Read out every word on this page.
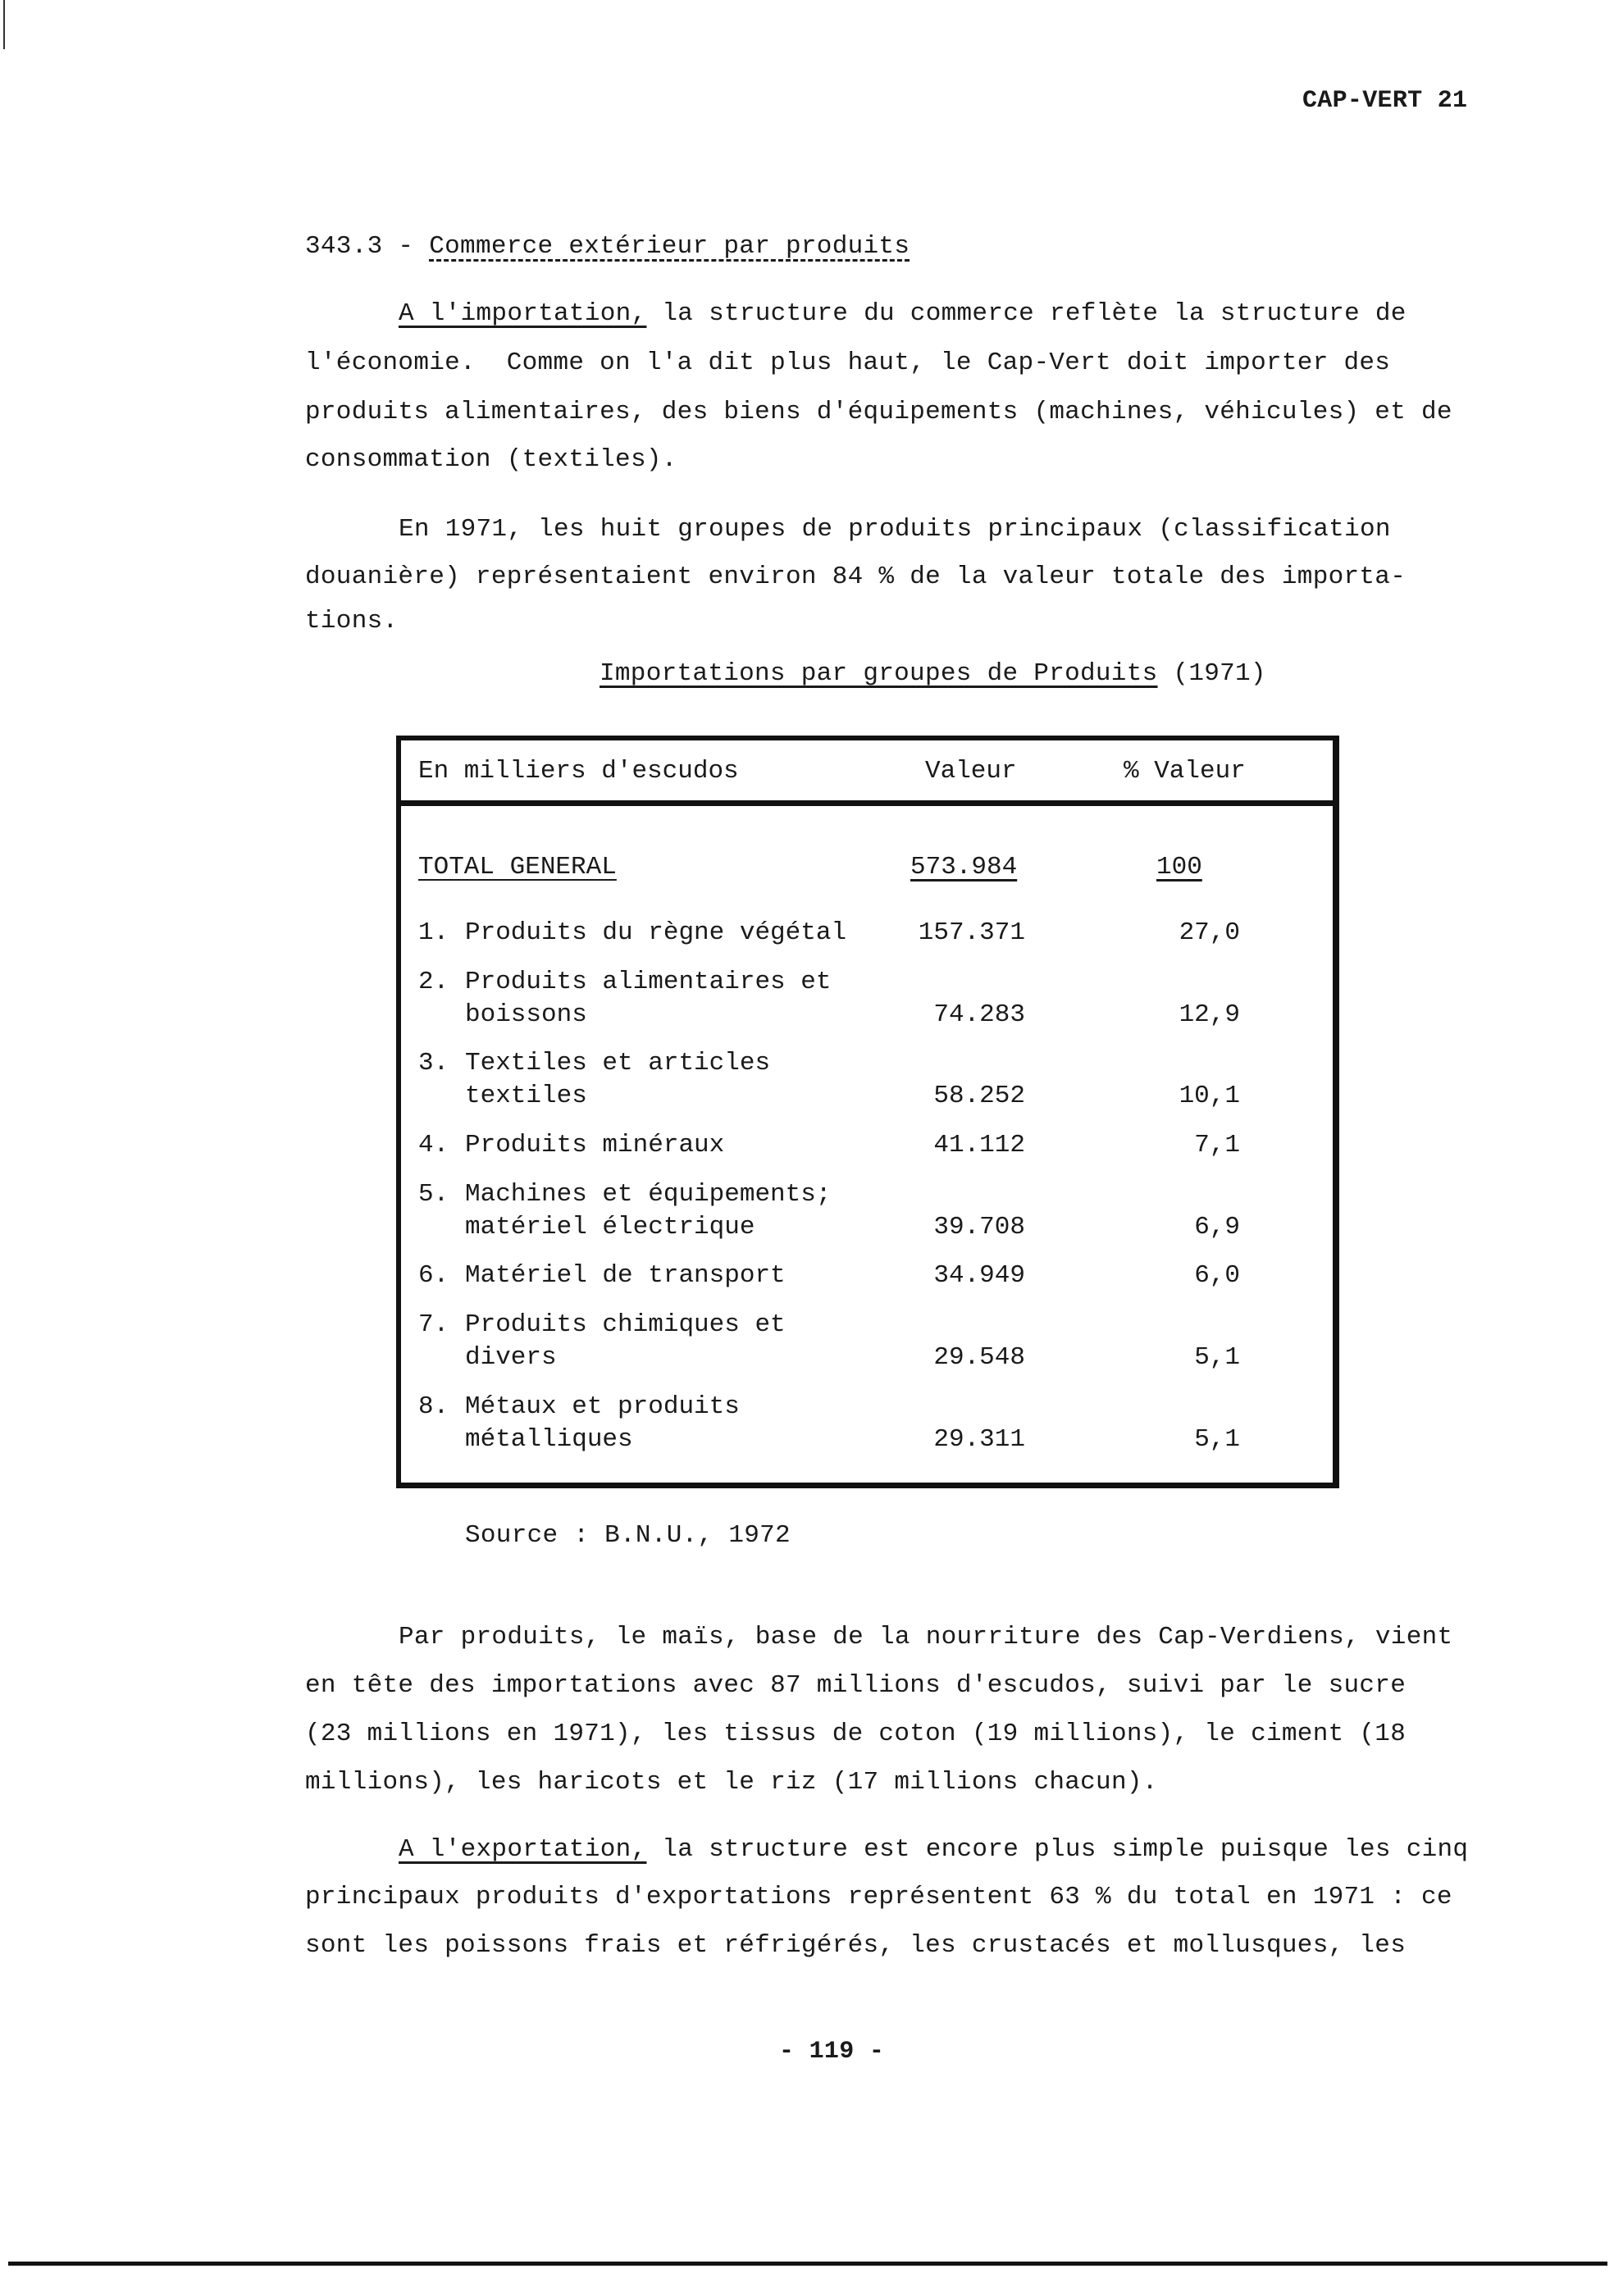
CAP-VERT 21
343.3 - Commerce extérieur par produits
A l'importation, la structure du commerce reflète la structure de
l'économie.  Comme on l'a dit plus haut, le Cap-Vert doit importer des
produits alimentaires, des biens d'équipements (machines, véhicules) et de
consommation (textiles).
En 1971, les huit groupes de produits principaux (classification
douanière) représentaient environ 84 % de la valeur totale des importa-
tions.
Importations par groupes de Produits (1971)
En milliers d'escudos	Valeur	% Valeur
TOTAL GENERAL	573.984	100
1. Produits du règne végétal	157.371	27,0
2. Produits alimentaires et
boissons	74.283	12,9
3. Textiles et articles
textiles	58.252	10,1
4. Produits minéraux	41.112	7,1
5. Machines et équipements;
matériel électrique	39.708	6,9
6. Matériel de transport	34.949	6,0
7. Produits chimiques et
divers	29.548	5,1
8. Métaux et produits
métalliques	29.311	5,1
Source : B.N.U., 1972
Par produits, le maïs, base de la nourriture des Cap-Verdiens, vient
en tête des importations avec 87 millions d'escudos, suivi par le sucre
(23 millions en 1971), les tissus de coton (19 millions), le ciment (18
millions), les haricots et le riz (17 millions chacun).
A l'exportation, la structure est encore plus simple puisque les cinq
principaux produits d'exportations représentent 63 % du total en 1971 : ce
sont les poissons frais et réfrigérés, les crustacés et mollusques, les
- 119 -
